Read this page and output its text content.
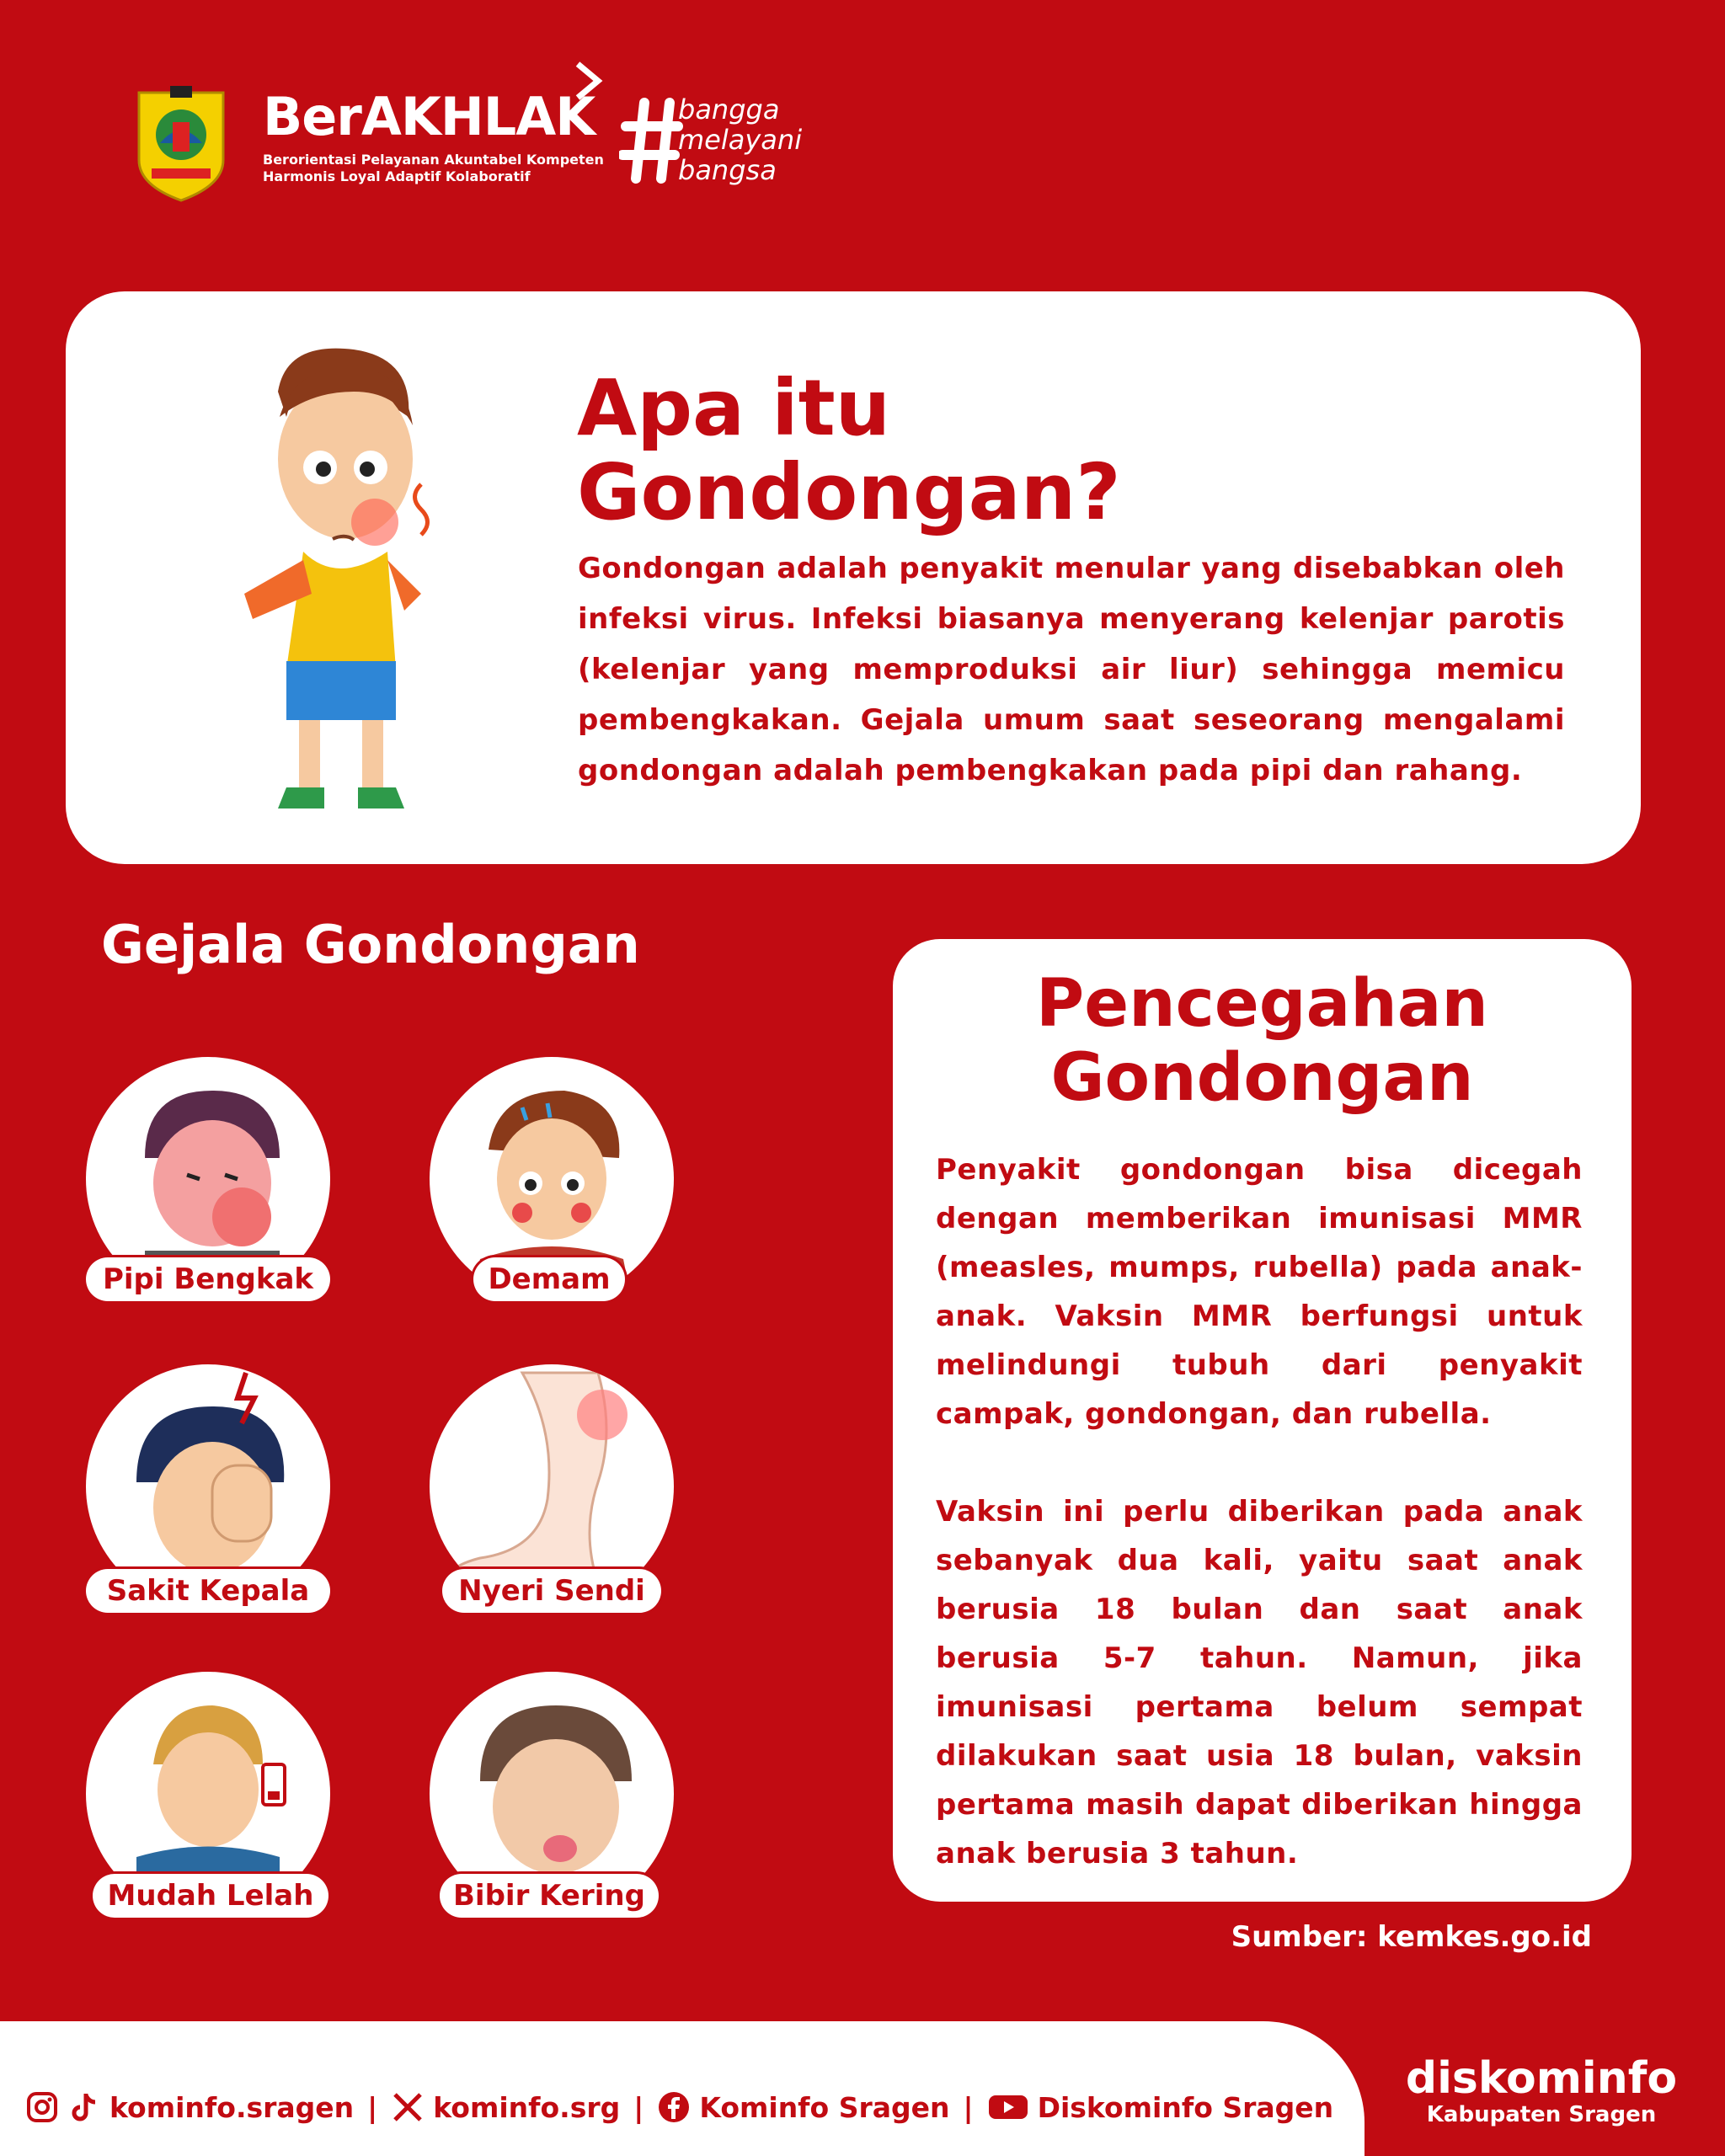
BerAKHLAK
Berorientasi Pelayanan Akuntabel Kompeten
Harmonis Loyal Adaptif Kolaboratif
bangga
melayani
bangsa
Apa itu
Gondongan?
Gondongan adalah penyakit menular yang disebabkan oleh infeksi virus. Infeksi biasanya menyerang kelenjar parotis (kelenjar yang memproduksi air liur) sehingga memicu pembengkakan. Gejala umum saat seseorang mengalami gondongan adalah pembengkakan pada pipi dan rahang.
Gejala Gondongan
Pipi Bengkak	Demam
Sakit Kepala	Nyeri Sendi
Mudah Lelah	Bibir Kering
Pencegahan
Gondongan

Penyakit gondongan bisa dicegah dengan memberikan imunisasi MMR (measles, mumps, rubella) pada anak-anak. Vaksin MMR berfungsi untuk melindungi tubuh dari penyakit campak, gondongan, dan rubella.

Vaksin ini perlu diberikan pada anak sebanyak dua kali, yaitu saat anak berusia 18 bulan dan saat anak berusia 5-7 tahun. Namun, jika imunisasi pertama belum sempat dilakukan saat usia 18 bulan, vaksin pertama masih dapat diberikan hingga anak berusia 3 tahun.

Sumber: kemkes.go.id
kominfo.sragen | kominfo.srg | Kominfo Sragen | Diskominfo Sragen
diskominfo
Kabupaten Sragen
